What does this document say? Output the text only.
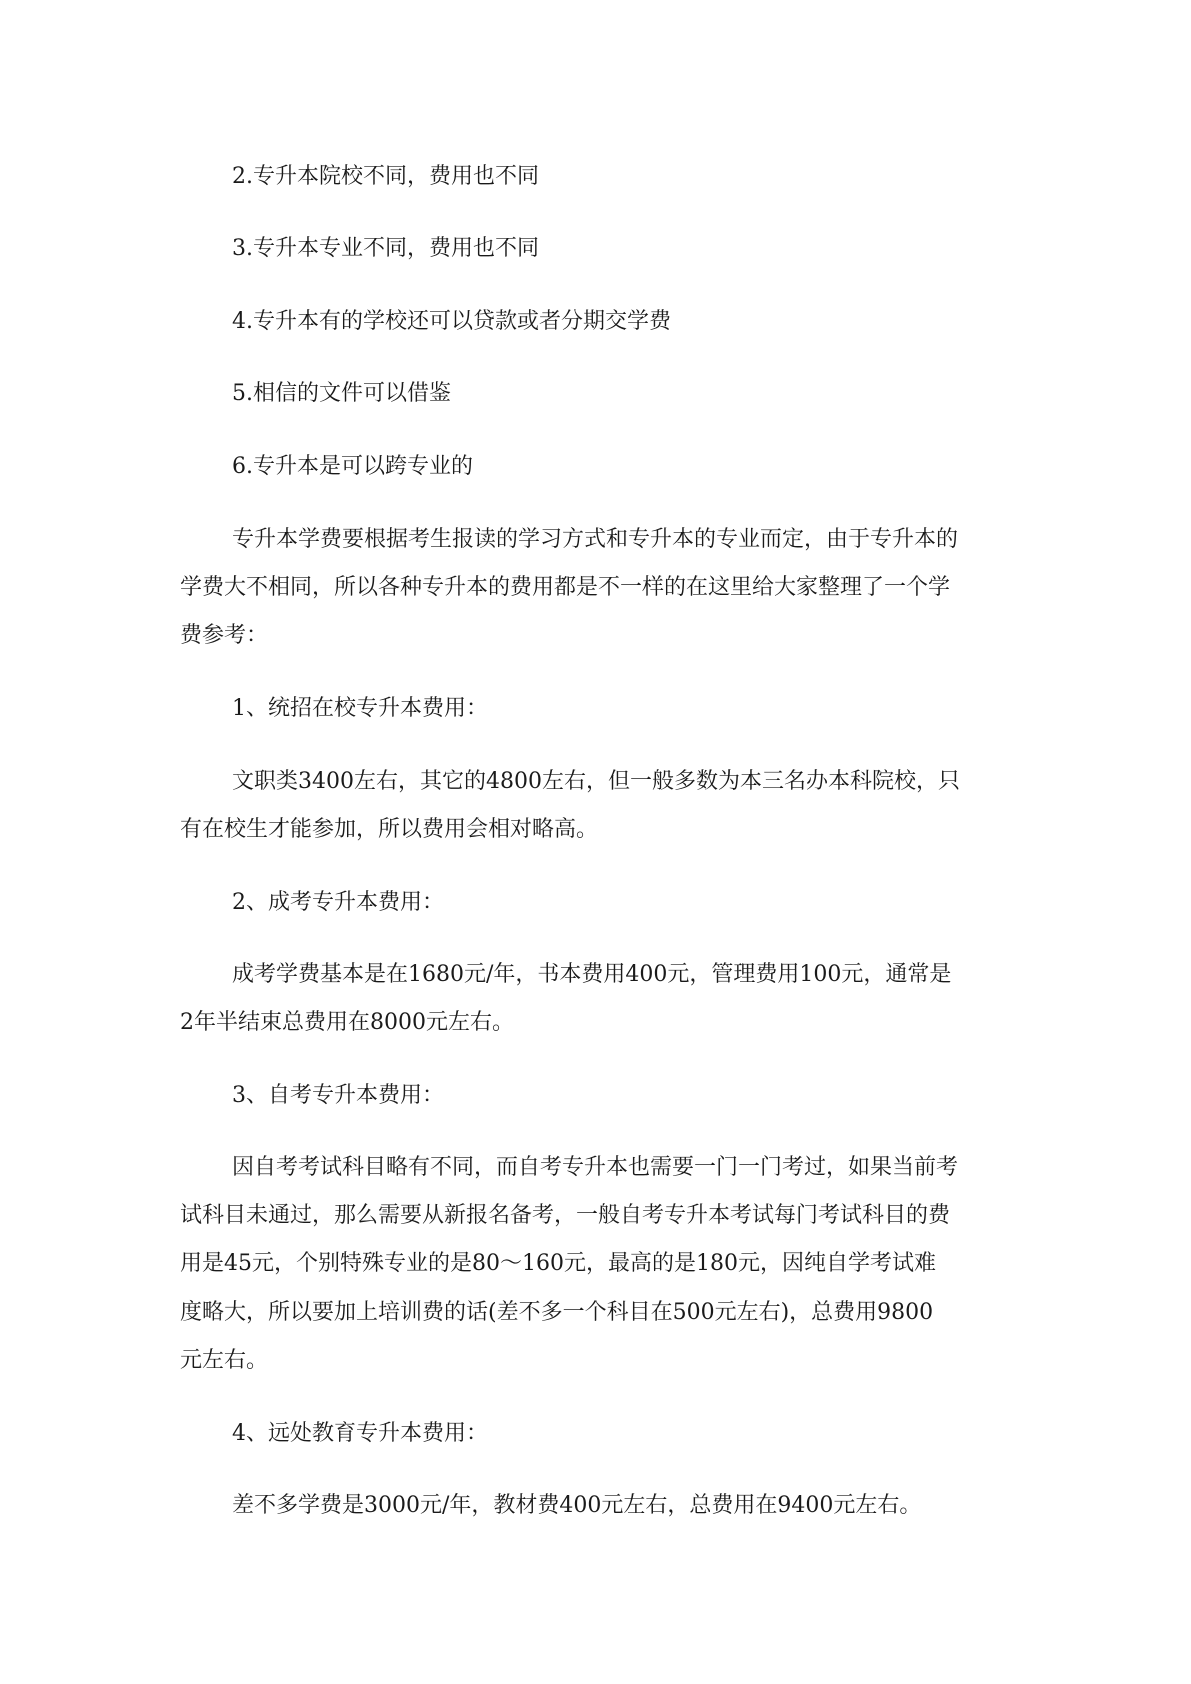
2.专升本院校不同，费用也不同

3.专升本专业不同，费用也不同

4.专升本有的学校还可以贷款或者分期交学费

5.相信的文件可以借鉴

6.专升本是可以跨专业的

专升本学费要根据考生报读的学习方式和专升本的专业而定，由于专升本的

学费大不相同，所以各种专升本的费用都是不一样的在这里给大家整理了一个学

费参考：

1、统招在校专升本费用：

文职类3400左右，其它的4800左右，但一般多数为本三名办本科院校，只

有在校生才能参加，所以费用会相对略高。

2、成考专升本费用：

成考学费基本是在1680元/年，书本费用400元，管理费用100元，通常是

2年半结束总费用在8000元左右。

3、自考专升本费用：

因自考考试科目略有不同，而自考专升本也需要一门一门考过，如果当前考

试科目未通过，那么需要从新报名备考，一般自考专升本考试每门考试科目的费

用是45元，个别特殊专业的是80～160元，最高的是180元，因纯自学考试难

度略大，所以要加上培训费的话(差不多一个科目在500元左右)，总费用9800

元左右。

4、远处教育专升本费用：

差不多学费是3000元/年，教材费400元左右，总费用在9400元左右。
